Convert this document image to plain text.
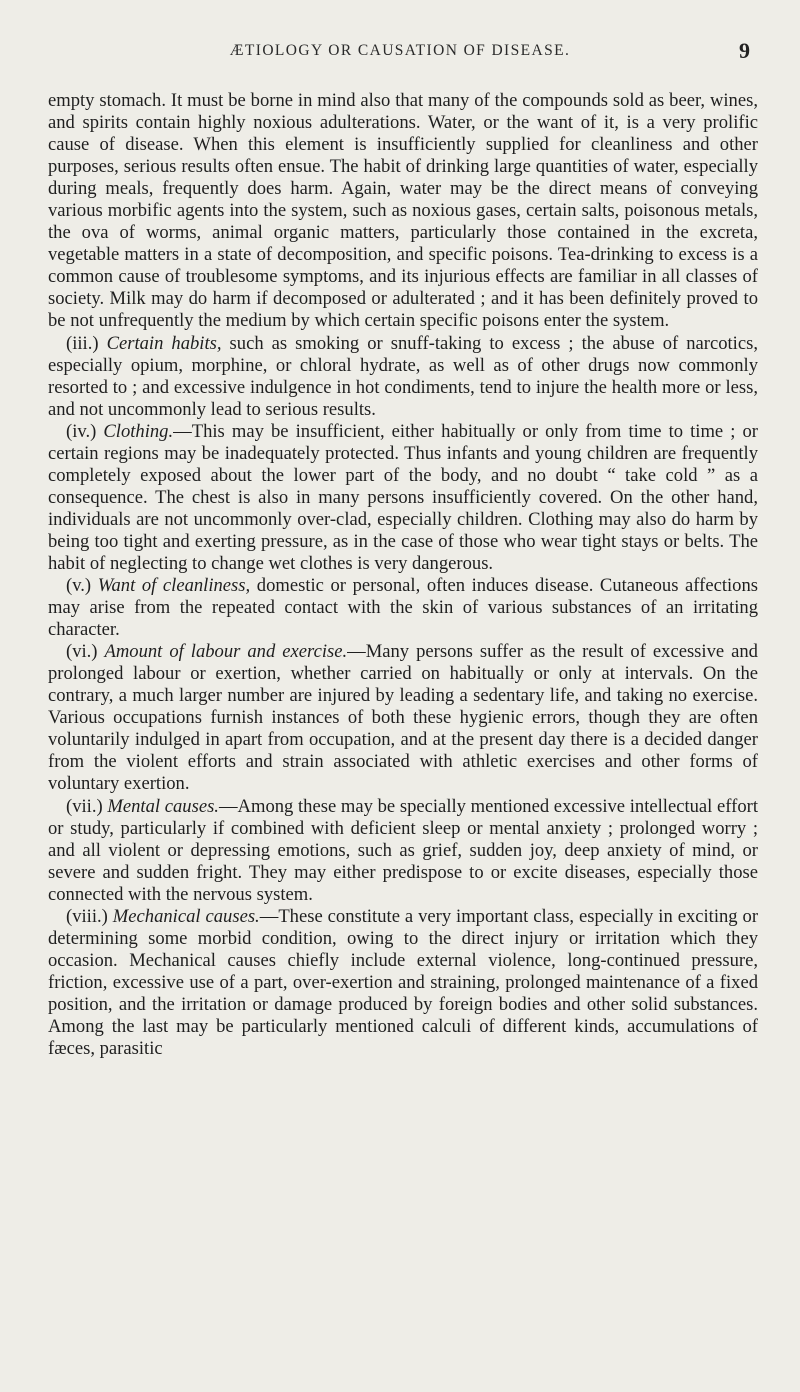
ÆTIOLOGY OR CAUSATION OF DISEASE.	9

empty stomach. It must be borne in mind also that many of the compounds sold as beer, wines, and spirits contain highly noxious adulterations. Water, or the want of it, is a very prolific cause of disease. When this element is insufficiently supplied for cleanliness and other purposes, serious results often ensue. The habit of drinking large quantities of water, especially during meals, frequently does harm. Again, water may be the direct means of conveying various morbific agents into the system, such as noxious gases, certain salts, poisonous metals, the ova of worms, animal organic matters, particularly those contained in the excreta, vegetable matters in a state of decomposition, and specific poisons. Tea-drinking to excess is a common cause of troublesome symptoms, and its injurious effects are familiar in all classes of society. Milk may do harm if decomposed or adulterated ; and it has been definitely proved to be not unfrequently the medium by which certain specific poisons enter the system.

(iii.) Certain habits, such as smoking or snuff-taking to excess ; the abuse of narcotics, especially opium, morphine, or chloral hydrate, as well as of other drugs now commonly resorted to ; and excessive indulgence in hot condiments, tend to injure the health more or less, and not uncommonly lead to serious results.

(iv.) Clothing.—This may be insufficient, either habitually or only from time to time ; or certain regions may be inadequately protected. Thus infants and young children are frequently completely exposed about the lower part of the body, and no doubt “ take cold ” as a consequence. The chest is also in many persons insufficiently covered. On the other hand, individuals are not uncommonly over-clad, especially children. Clothing may also do harm by being too tight and exerting pressure, as in the case of those who wear tight stays or belts. The habit of neglecting to change wet clothes is very dangerous.

(v.) Want of cleanliness, domestic or personal, often induces disease. Cutaneous affections may arise from the repeated contact with the skin of various substances of an irritating character.

(vi.) Amount of labour and exercise.—Many persons suffer as the result of excessive and prolonged labour or exertion, whether carried on habitually or only at intervals. On the contrary, a much larger number are injured by leading a sedentary life, and taking no exercise. Various occupations furnish instances of both these hygienic errors, though they are often voluntarily indulged in apart from occupation, and at the present day there is a decided danger from the violent efforts and strain associated with athletic exercises and other forms of voluntary exertion.

(vii.) Mental causes.—Among these may be specially mentioned excessive intellectual effort or study, particularly if combined with deficient sleep or mental anxiety ; prolonged worry ; and all violent or depressing emotions, such as grief, sudden joy, deep anxiety of mind, or severe and sudden fright. They may either predispose to or excite diseases, especially those connected with the nervous system.

(viii.) Mechanical causes.—These constitute a very important class, especially in exciting or determining some morbid condition, owing to the direct injury or irritation which they occasion. Mechanical causes chiefly include external violence, long-continued pressure, friction, excessive use of a part, over-exertion and straining, prolonged maintenance of a fixed position, and the irritation or damage produced by foreign bodies and other solid substances. Among the last may be particularly mentioned calculi of different kinds, accumulations of fæces, parasitic
